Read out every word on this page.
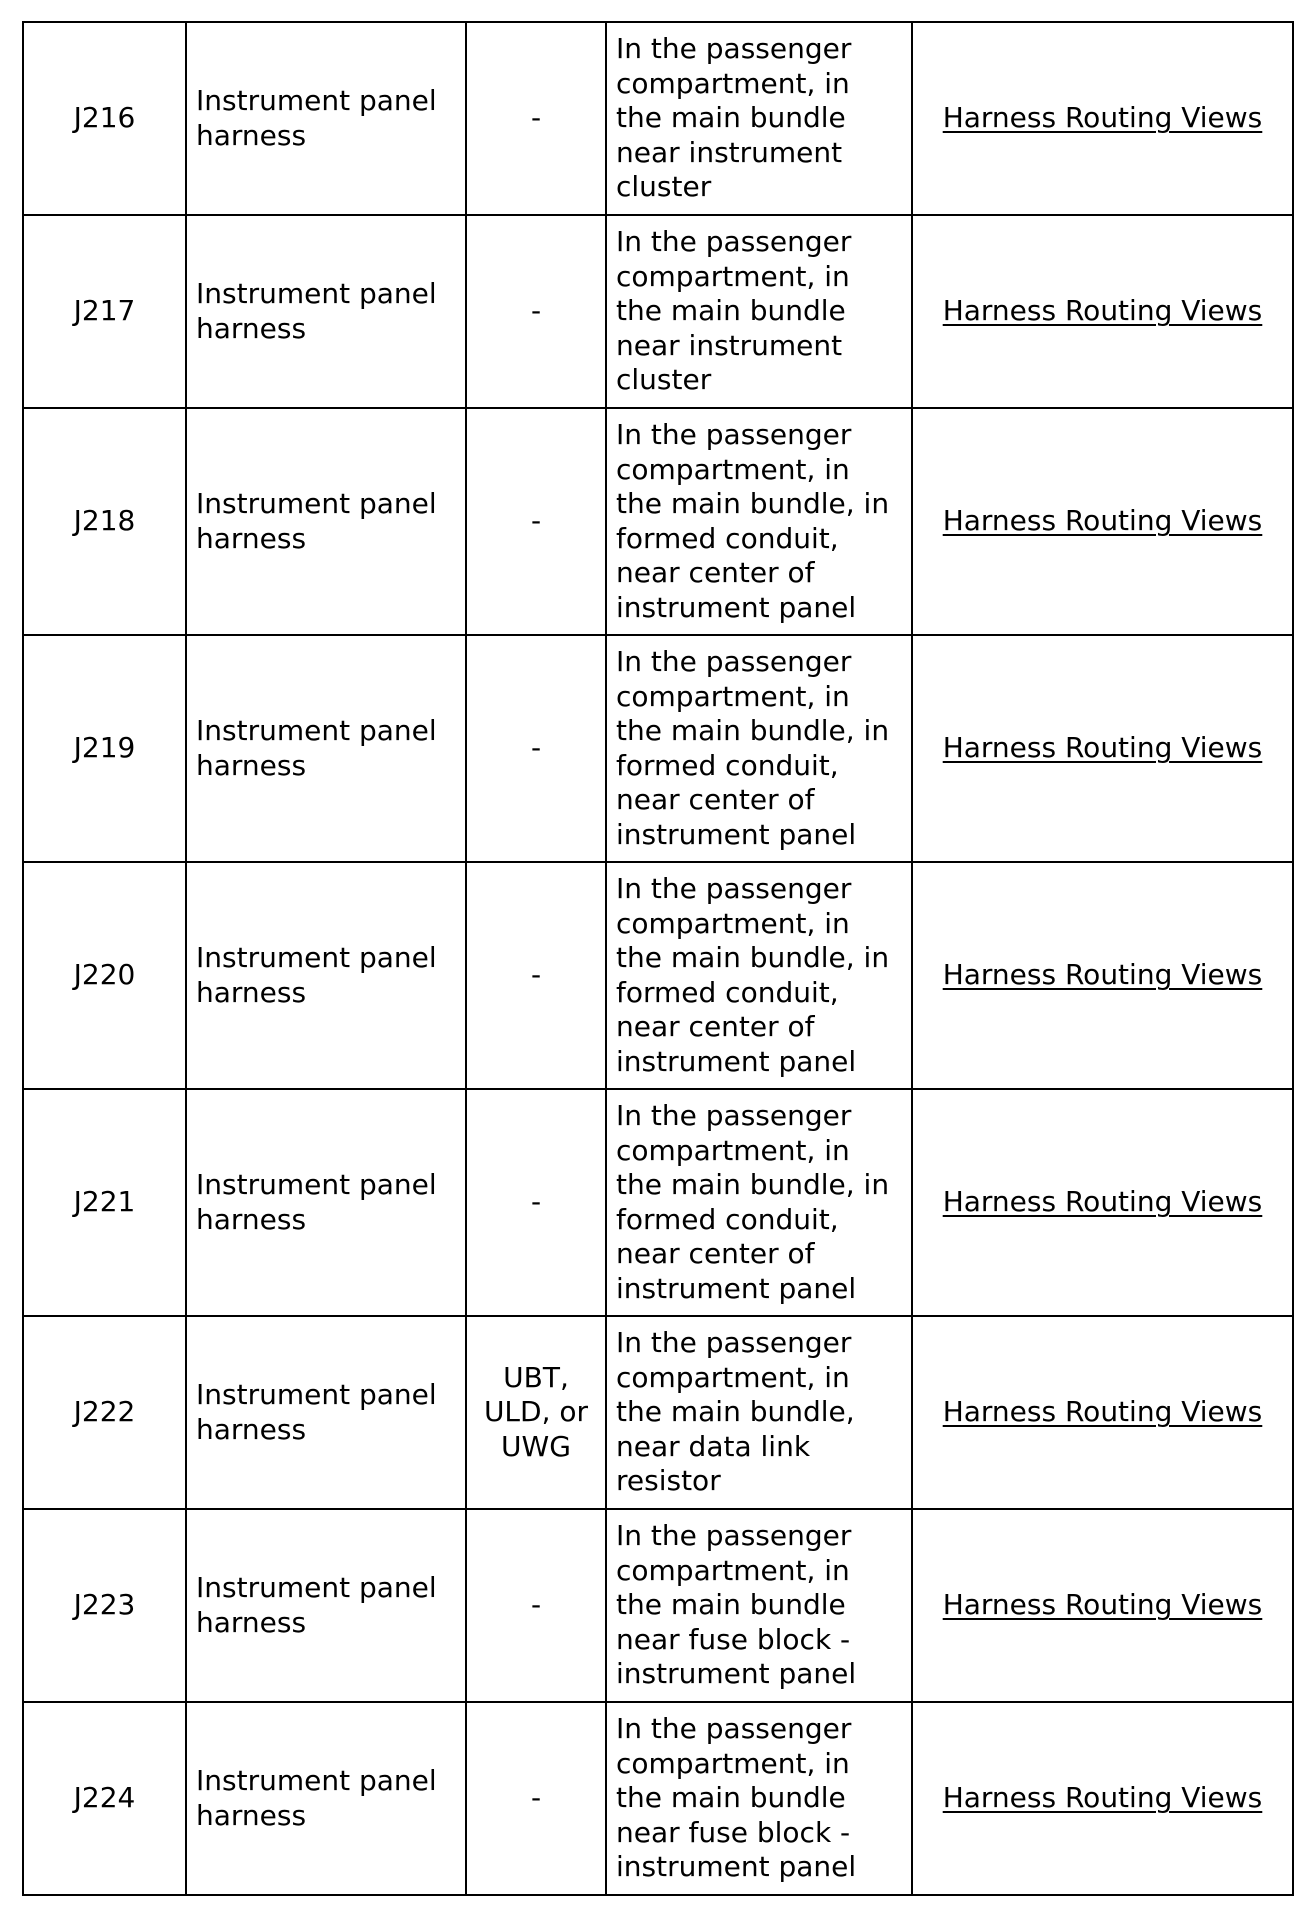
J216	Instrument panel harness	-	In the passenger compartment, in the main bundle near instrument cluster	Harness Routing Views
J217	Instrument panel harness	-	In the passenger compartment, in the main bundle near instrument cluster	Harness Routing Views
J218	Instrument panel harness	-	In the passenger compartment, in the main bundle, in formed conduit, near center of instrument panel	Harness Routing Views
J219	Instrument panel harness	-	In the passenger compartment, in the main bundle, in formed conduit, near center of instrument panel	Harness Routing Views
J220	Instrument panel harness	-	In the passenger compartment, in the main bundle, in formed conduit, near center of instrument panel	Harness Routing Views
J221	Instrument panel harness	-	In the passenger compartment, in the main bundle, in formed conduit, near center of instrument panel	Harness Routing Views
J222	Instrument panel harness	UBT, ULD, or UWG	In the passenger compartment, in the main bundle, near data link resistor	Harness Routing Views
J223	Instrument panel harness	-	In the passenger compartment, in the main bundle near fuse block - instrument panel	Harness Routing Views
J224	Instrument panel harness	-	In the passenger compartment, in the main bundle near fuse block - instrument panel	Harness Routing Views
